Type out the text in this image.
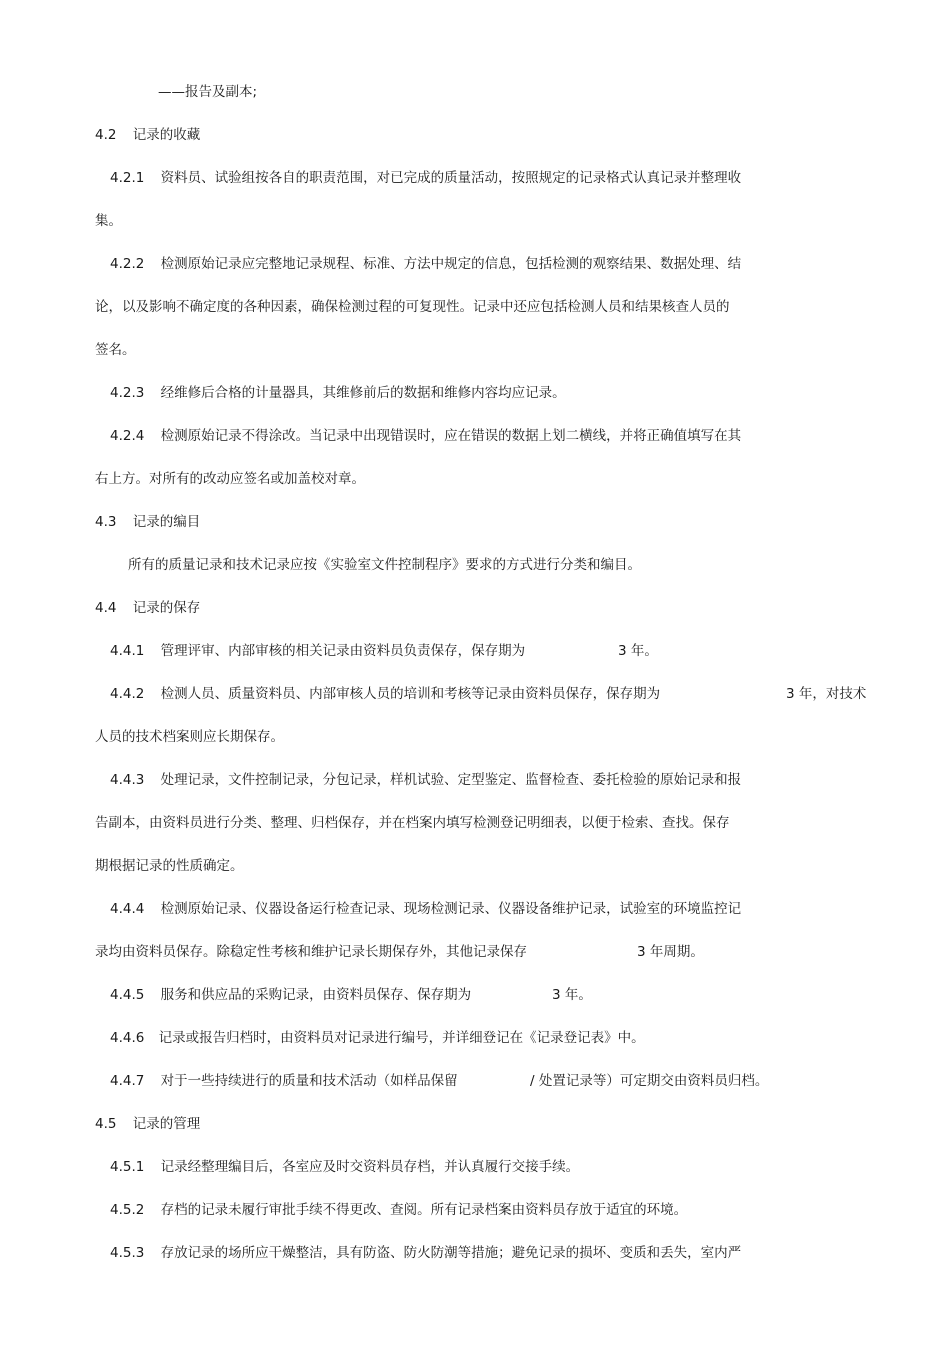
——报告及副本;
4.2 记录的收藏
4.2.1 资料员、试验组按各自的职责范围，对已完成的质量活动，按照规定的记录格式认真记录并整理收
集。
4.2.2 检测原始记录应完整地记录规程、标准、方法中规定的信息，包括检测的观察结果、数据处理、结
论，以及影响不确定度的各种因素，确保检测过程的可复现性。记录中还应包括检测人员和结果核查人员的
签名。
4.2.3 经维修后合格的计量器具，其维修前后的数据和维修内容均应记录。
4.2.4 检测原始记录不得涂改。当记录中出现错误时，应在错误的数据上划二横线，并将正确值填写在其
右上方。对所有的改动应签名或加盖校对章。
4.3 记录的编目
所有的质量记录和技术记录应按《实验室文件控制程序》要求的方式进行分类和编目。
4.4 记录的保存
4.4.1 管理评审、内部审核的相关记录由资料员负责保存，保存期为	3 年。
4.4.2 检测人员、质量资料员、内部审核人员的培训和考核等记录由资料员保存，保存期为	3 年，对技术
人员的技术档案则应长期保存。
4.4.3 处理记录，文件控制记录，分包记录，样机试验、定型鉴定、监督检查、委托检验的原始记录和报
告副本，由资料员进行分类、整理、归档保存，并在档案内填写检测登记明细表，以便于检索、查找。保存
期根据记录的性质确定。
4.4.4 检测原始记录、仪器设备运行检查记录、现场检测记录、仪器设备维护记录，试验室的环境监控记
录均由资料员保存。除稳定性考核和维护记录长期保存外，其他记录保存	3 年周期。
4.4.5 服务和供应品的采购记录，由资料员保存、保存期为	3 年。
4.4.6 记录或报告归档时，由资料员对记录进行编号，并详细登记在《记录登记表》中。
4.4.7 对于一些持续进行的质量和技术活动（如样品保留	/ 处置记录等）可定期交由资料员归档。
4.5 记录的管理
4.5.1 记录经整理编目后，各室应及时交资料员存档，并认真履行交接手续。
4.5.2 存档的记录未履行审批手续不得更改、查阅。所有记录档案由资料员存放于适宜的环境。
4.5.3 存放记录的场所应干燥整洁，具有防盗、防火防潮等措施；避免记录的损坏、变质和丢失，室内严
